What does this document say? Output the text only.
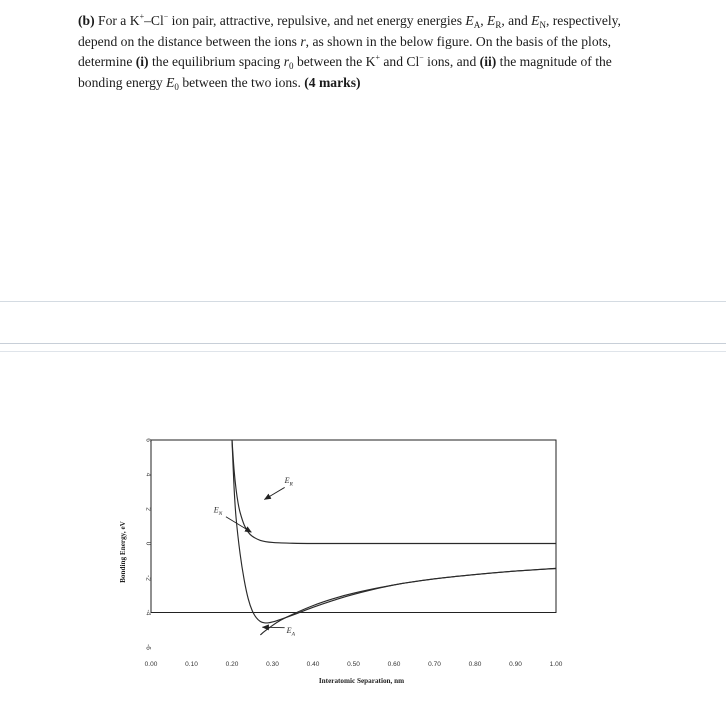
(b) For a K+–Cl− ion pair, attractive, repulsive, and net energy energies $E_A$, $E_R$, and $E_N$, respectively,

depend on the distance between the ions r, as shown in the below figure. On the basis of the plots,

determine (i) the equilibrium spacing $r_0$ between the K+ and Cl− ions, and (ii) the magnitude of the

bonding energy $E_0$ between the two ions. (4 marks)

6
4
2
0
-2
-4
-6
0.00	0.10	0.20	0.30	0.40	0.50	0.60	0.70	0.80	0.90	1.00
$E_R$
$E_N$
$E_A$
Interatomic Separation, nm
Bonding Energy, eV
